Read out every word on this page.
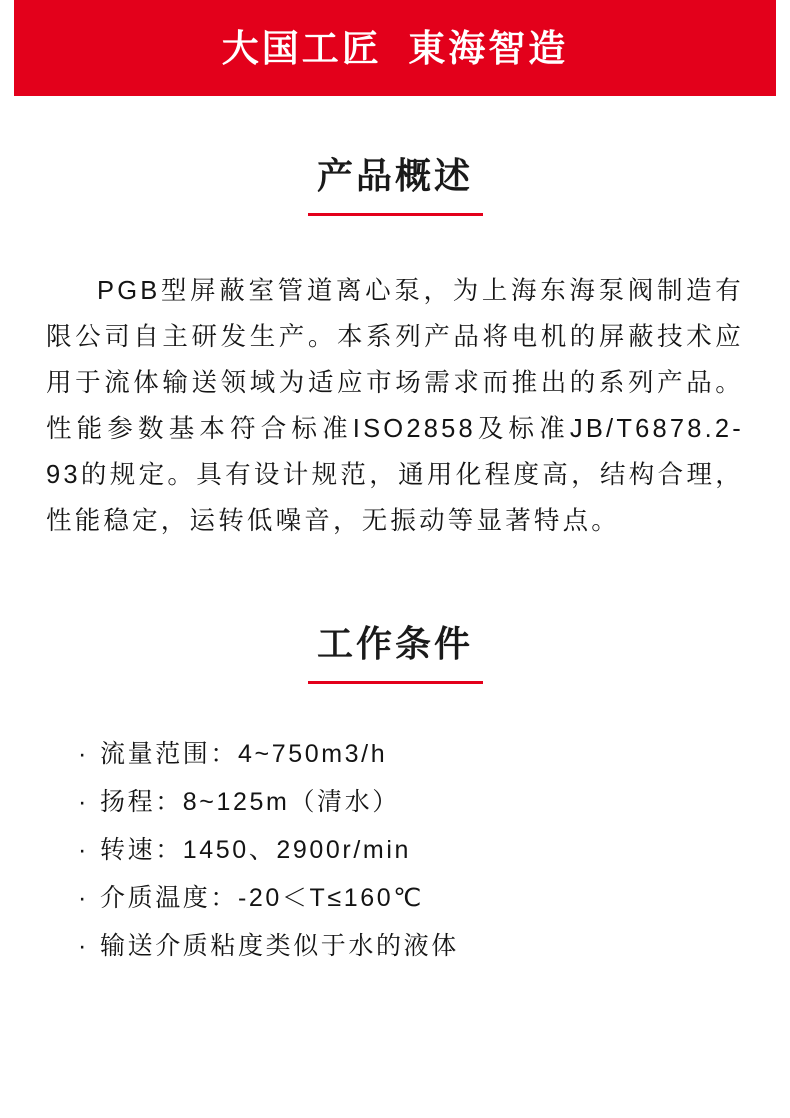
大国工匠  東海智造
产品概述

PGB型屏蔽室管道离心泵，为上海东海泵阀制造有限公司自主研发生产。本系列产品将电机的屏蔽技术应用于流体输送领域为适应市场需求而推出的系列产品。性能参数基本符合标准ISO2858及标准JB/T6878.2-93的规定。具有设计规范，通用化程度高，结构合理，性能稳定，运转低噪音，无振动等显著特点。

工作条件
· 流量范围：4~750m3/h
· 扬程：8~125m（清水）
· 转速：1450、2900r/min
· 介质温度：-20＜T≤160℃
· 输送介质粘度类似于水的液体
